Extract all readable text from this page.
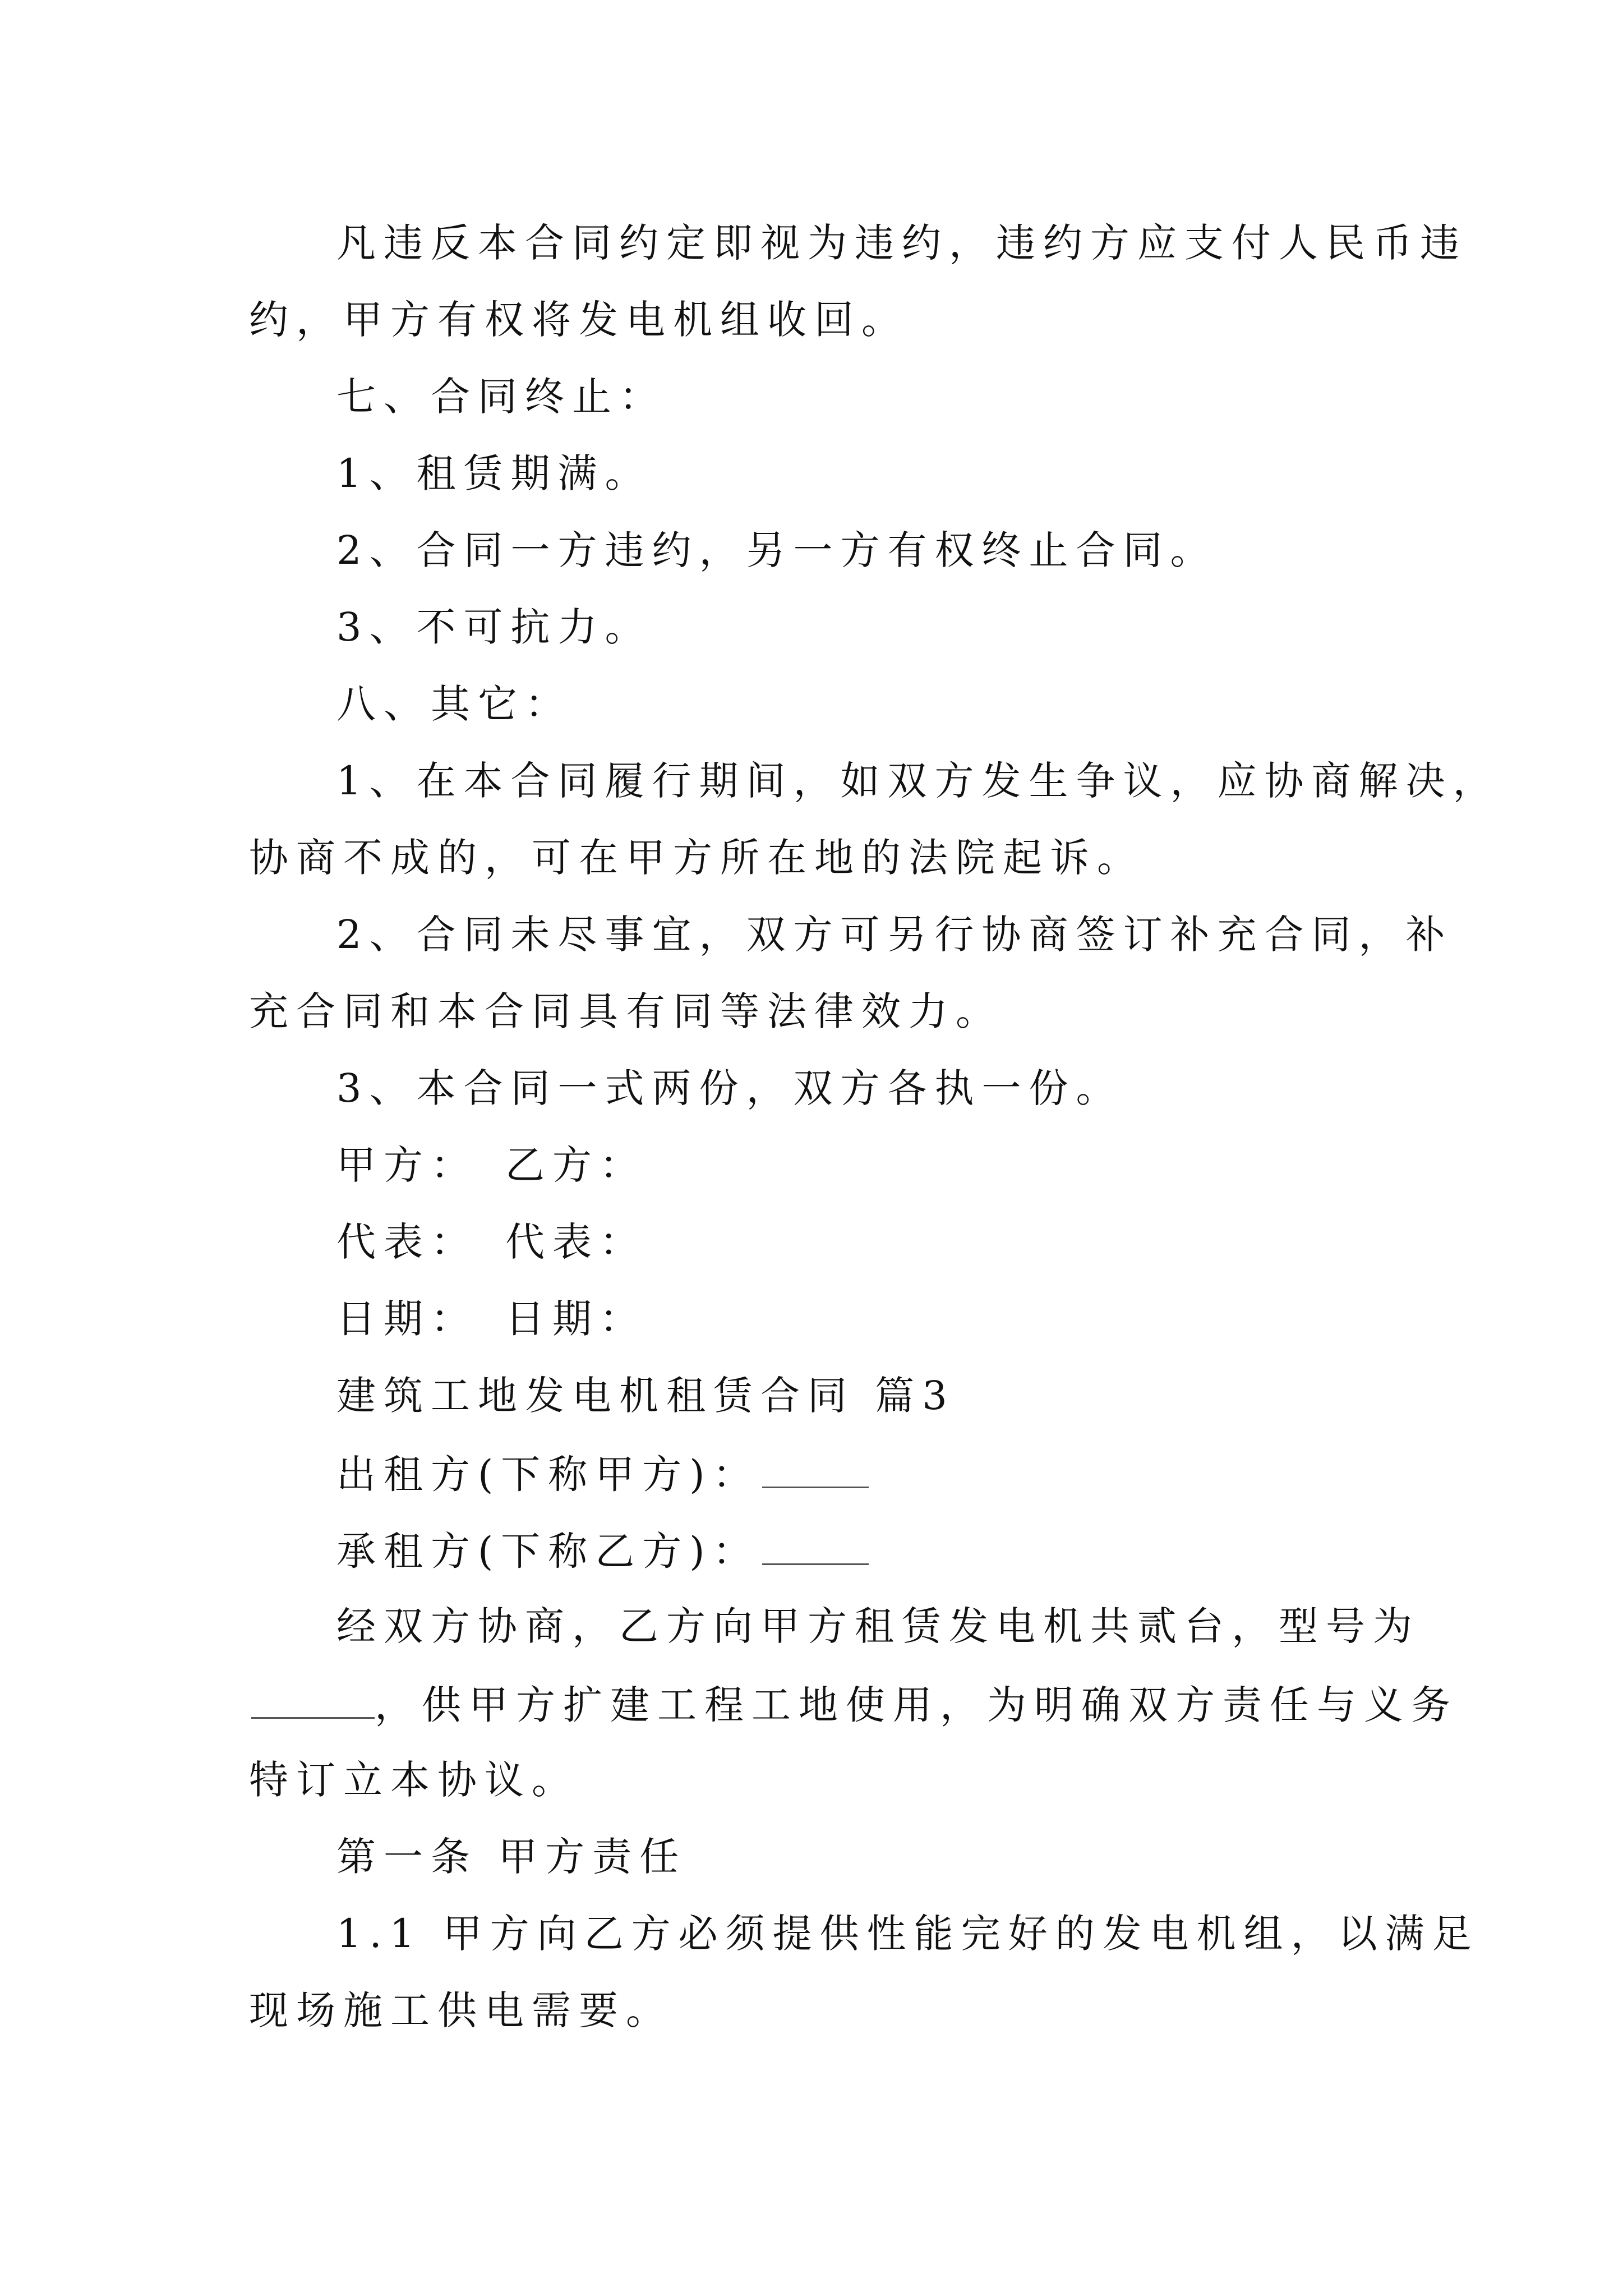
凡违反本合同约定即视为违约，违约方应支付人民币违
约，甲方有权将发电机组收回。
七、合同终止：
1、租赁期满。
2、合同一方违约，另一方有权终止合同。
3、不可抗力。
八、其它：
1、在本合同履行期间，如双方发生争议，应协商解决，
协商不成的，可在甲方所在地的法院起诉。
2、合同未尽事宜，双方可另行协商签订补充合同，补
充合同和本合同具有同等法律效力。
3、本合同一式两份，双方各执一份。
甲方：　乙方：
代表：　代表：
日期：　日期：
建筑工地发电机租赁合同 篇3
出租方(下称甲方)：
承租方(下称乙方)：
经双方协商，乙方向甲方租赁发电机共贰台，型号为
，供甲方扩建工程工地使用，为明确双方责任与义务
特订立本协议。
第一条 甲方责任
1.1 甲方向乙方必须提供性能完好的发电机组，以满足
现场施工供电需要。
